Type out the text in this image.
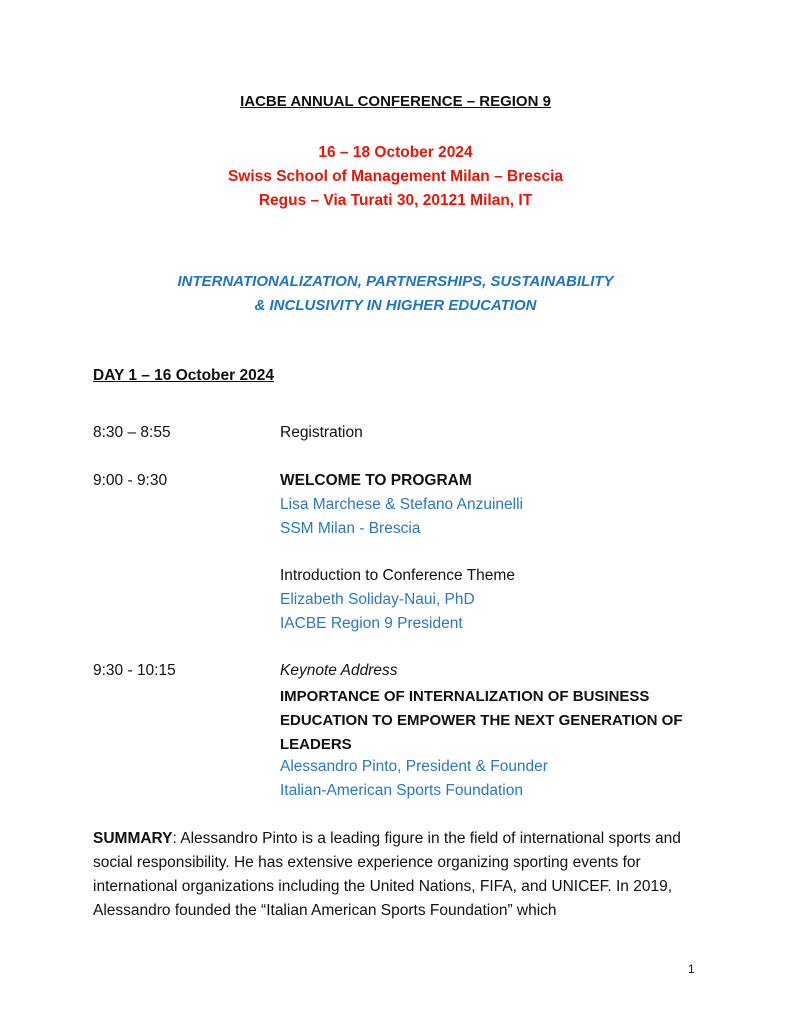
IACBE ANNUAL CONFERENCE – REGION 9
16 – 18 October 2024
Swiss School of Management Milan – Brescia
Regus – Via Turati 30, 20121 Milan, IT
INTERNATIONALIZATION, PARTNERSHIPS, SUSTAINABILITY
& INCLUSIVITY IN HIGHER EDUCATION
DAY 1 – 16 October 2024
8:30 – 8:55	Registration
9:00 - 9:30	WELCOME TO PROGRAM
Lisa Marchese & Stefano Anzuinelli
SSM Milan - Brescia
Introduction to Conference Theme
Elizabeth Soliday-Naui, PhD
IACBE Region 9 President
9:30 - 10:15	Keynote Address
IMPORTANCE OF INTERNALIZATION OF BUSINESS EDUCATION TO EMPOWER THE NEXT GENERATION OF LEADERS
Alessandro Pinto, President & Founder
Italian-American Sports Foundation
SUMMARY: Alessandro Pinto is a leading figure in the field of international sports and social responsibility. He has extensive experience organizing sporting events for international organizations including the United Nations, FIFA, and UNICEF. In 2019, Alessandro founded the “Italian American Sports Foundation” which
1
